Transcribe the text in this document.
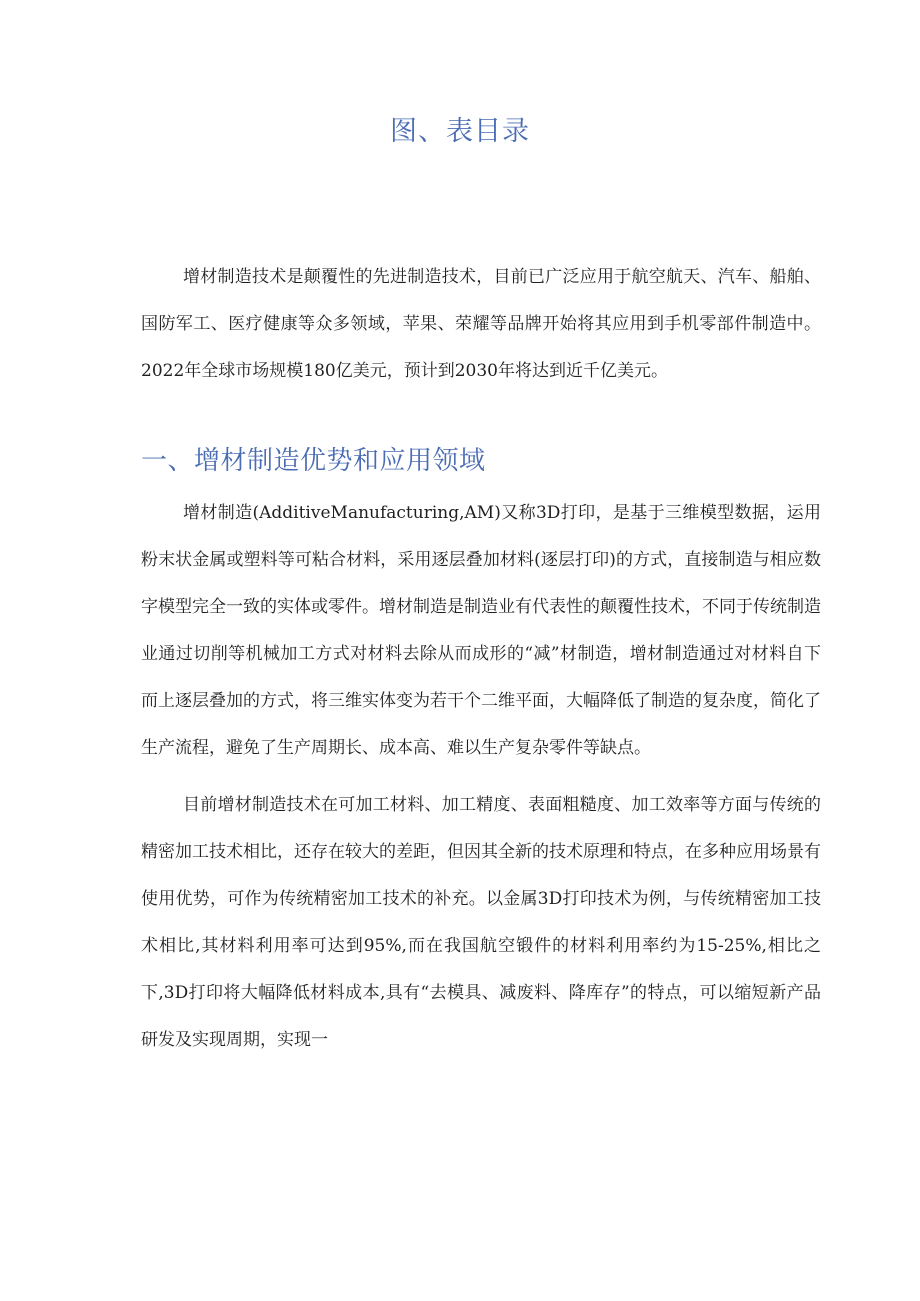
图、表目录

增材制造技术是颠覆性的先进制造技术，目前已广泛应用于航空航天、汽车、船舶、国防军工、医疗健康等众多领域，苹果、荣耀等品牌开始将其应用到手机零部件制造中。2022年全球市场规模180亿美元，预计到2030年将达到近千亿美元。

一、增材制造优势和应用领域

增材制造(AdditiveManufacturing,AM)又称3D打印，是基于三维模型数据，运用粉末状金属或塑料等可粘合材料，采用逐层叠加材料(逐层打印)的方式，直接制造与相应数字模型完全一致的实体或零件。增材制造是制造业有代表性的颠覆性技术，不同于传统制造业通过切削等机械加工方式对材料去除从而成形的“减”材制造，增材制造通过对材料自下而上逐层叠加的方式，将三维实体变为若干个二维平面，大幅降低了制造的复杂度，简化了生产流程，避免了生产周期长、成本高、难以生产复杂零件等缺点。

目前增材制造技术在可加工材料、加工精度、表面粗糙度、加工效率等方面与传统的精密加工技术相比，还存在较大的差距，但因其全新的技术原理和特点，在多种应用场景有使用优势，可作为传统精密加工技术的补充。以金属3D打印技术为例，与传统精密加工技术相比,其材料利用率可达到95%,而在我国航空锻件的材料利用率约为15-25%,相比之下,3D打印将大幅降低材料成本,具有“去模具、减废料、降库存”的特点，可以缩短新产品研发及实现周期，实现一
